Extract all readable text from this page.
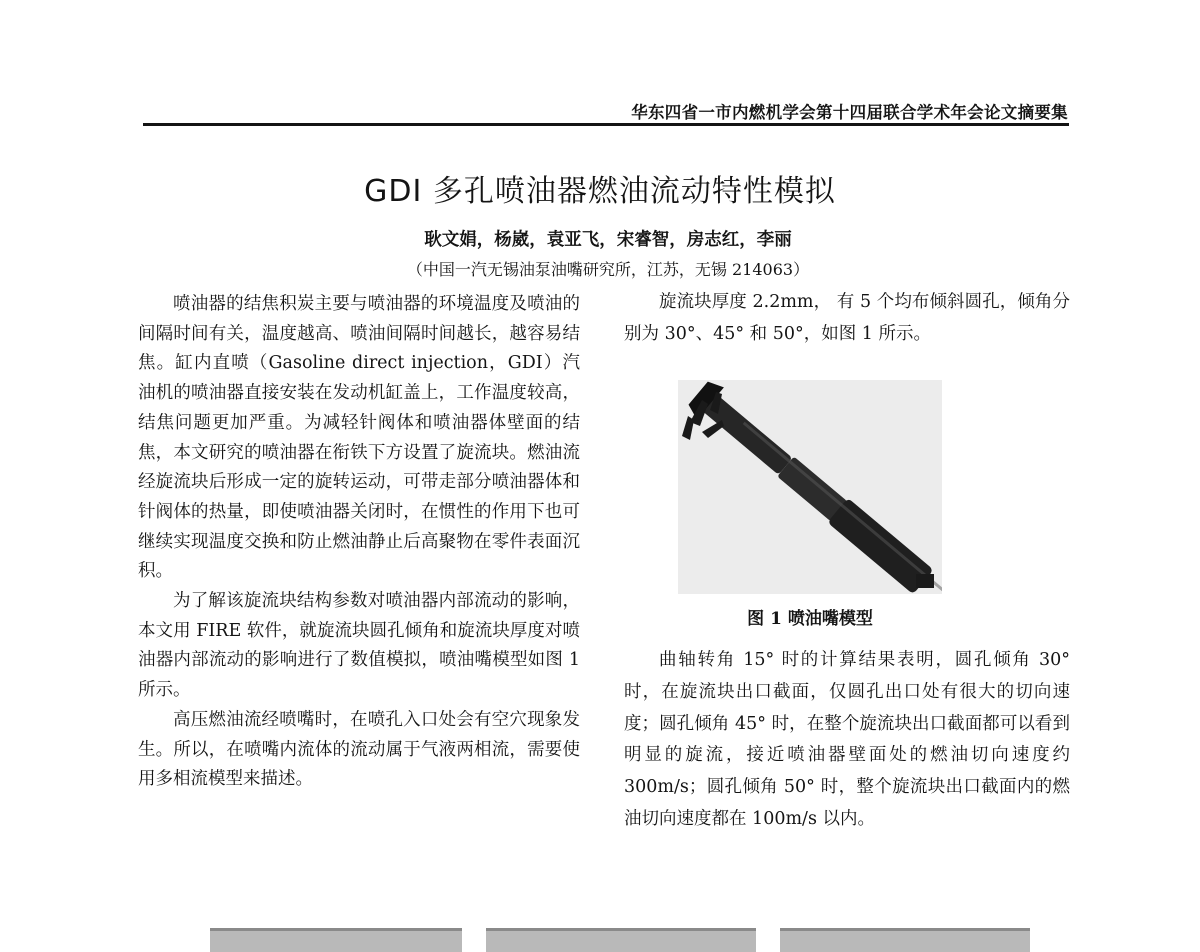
华东四省一市内燃机学会第十四届联合学术年会论文摘要集
GDI 多孔喷油器燃油流动特性模拟
耿文娟，杨崴，袁亚飞，宋睿智，房志红，李丽
（中国一汽无锡油泵油嘴研究所，江苏，无锡 214063）

喷油器的结焦积炭主要与喷油器的环境温度及喷油的间隔时间有关，温度越高、喷油间隔时间越长，越容易结焦。缸内直喷（Gasoline direct injection，GDI）汽油机的喷油器直接安装在发动机缸盖上，工作温度较高，结焦问题更加严重。为减轻针阀体和喷油器体壁面的结焦，本文研究的喷油器在衔铁下方设置了旋流块。燃油流经旋流块后形成一定的旋转运动，可带走部分喷油器体和针阀体的热量，即使喷油器关闭时，在惯性的作用下也可继续实现温度交换和防止燃油静止后高聚物在零件表面沉积。

为了解该旋流块结构参数对喷油器内部流动的影响，本文用 FIRE 软件，就旋流块圆孔倾角和旋流块厚度对喷油器内部流动的影响进行了数值模拟，喷油嘴模型如图 1 所示。

高压燃油流经喷嘴时，在喷孔入口处会有空穴现象发生。所以，在喷嘴内流体的流动属于气液两相流，需要使用多相流模型来描述。

旋流块厚度 2.2mm， 有 5 个均布倾斜圆孔，倾角分别为 30°、45° 和 50°，如图 1 所示。

图 1 喷油嘴模型

曲轴转角 15° 时的计算结果表明，圆孔倾角 30° 时，在旋流块出口截面，仅圆孔出口处有很大的切向速度；圆孔倾角 45° 时，在整个旋流块出口截面都可以看到明显的旋流，接近喷油器壁面处的燃油切向速度约 300m/s；圆孔倾角 50° 时，整个旋流块出口截面内的燃油切向速度都在 100m/s 以内。
